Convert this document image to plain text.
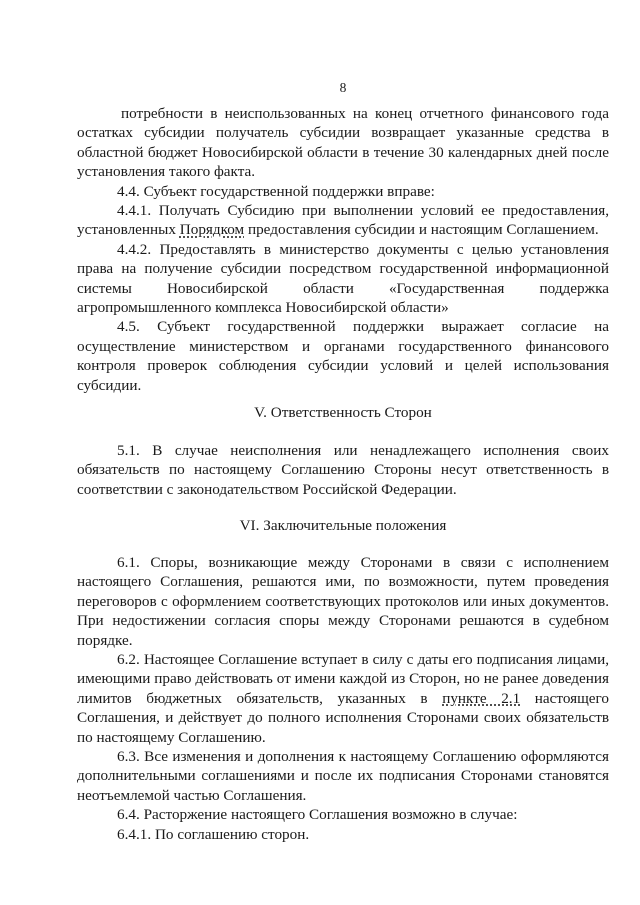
8

потребности в неиспользованных на конец отчетного финансового года остатках субсидии получатель субсидии возвращает указанные средства в областной бюджет Новосибирской области в течение 30 календарных дней после установления такого факта.

4.4. Субъект государственной поддержки вправе:

4.4.1. Получать Субсидию при выполнении условий ее предоставления, установленных Порядком предоставления субсидии и настоящим Соглашением.

4.4.2. Предоставлять в министерство документы с целью установления права на получение субсидии посредством государственной информационной системы Новосибирской области «Государственная поддержка агропромышленного комплекса Новосибирской области»

4.5. Субъект государственной поддержки выражает согласие на осуществление министерством и органами государственного финансового контроля проверок соблюдения субсидии условий и целей использования субсидии.

V. Ответственность Сторон

5.1. В случае неисполнения или ненадлежащего исполнения своих обязательств по настоящему Соглашению Стороны несут ответственность в соответствии с законодательством Российской Федерации.

VI. Заключительные положения

6.1. Споры, возникающие между Сторонами в связи с исполнением настоящего Соглашения, решаются ими, по возможности, путем проведения переговоров с оформлением соответствующих протоколов или иных документов. При недостижении согласия споры между Сторонами решаются в судебном порядке.

6.2. Настоящее Соглашение вступает в силу с даты его подписания лицами, имеющими право действовать от имени каждой из Сторон, но не ранее доведения лимитов бюджетных обязательств, указанных в пункте 2.1 настоящего Соглашения, и действует до полного исполнения Сторонами своих обязательств по настоящему Соглашению.

6.3. Все изменения и дополнения к настоящему Соглашению оформляются дополнительными соглашениями и после их подписания Сторонами становятся неотъемлемой частью Соглашения.

6.4. Расторжение настоящего Соглашения возможно в случае:

6.4.1. По соглашению сторон.
